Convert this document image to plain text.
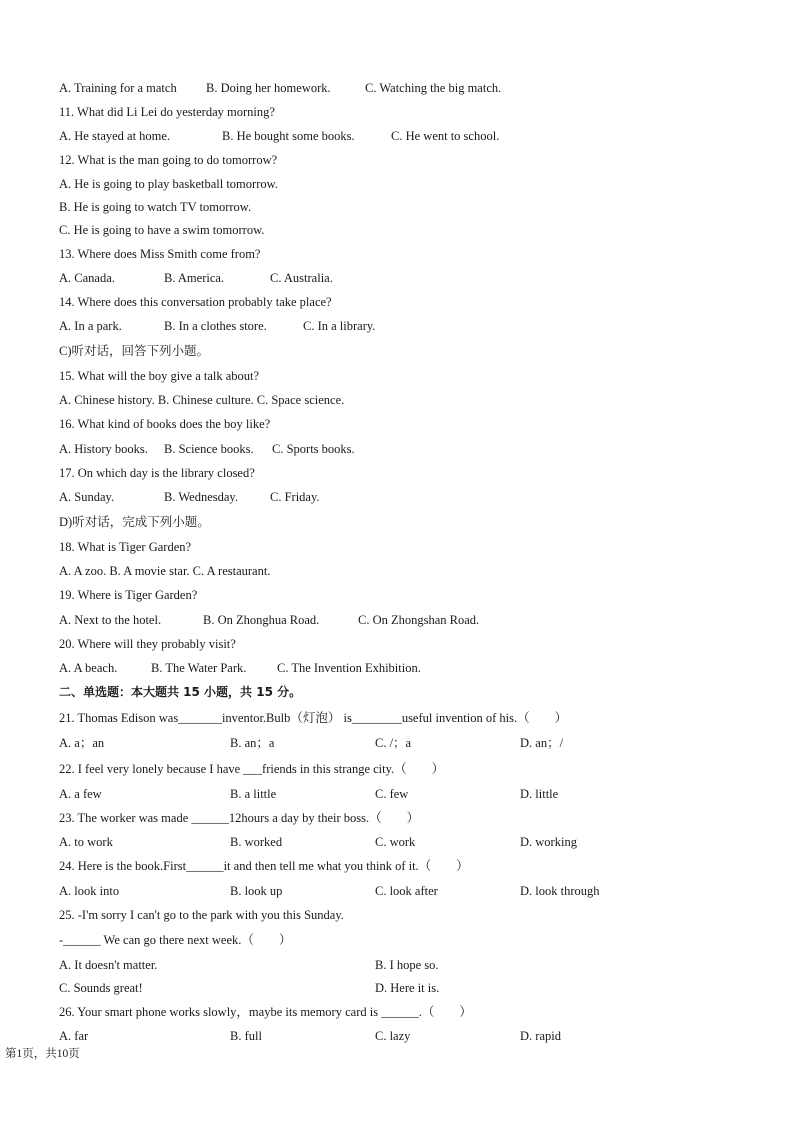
A. Training for a match B. Doing her homework.	C. Watching the big match.
11. What did Li Lei do yesterday morning?
A. He stayed at home.	B. He bought some books.	C. He went to school.
12. What is the man going to do tomorrow?
A. He is going to play basketball tomorrow.
B. He is going to watch TV tomorrow.
C. He is going to have a swim tomorrow.
13. Where does Miss Smith come from?
A. Canada.	B. America.	C. Australia.
14. Where does this conversation probably take place?
A. In a park.	B. In a clothes store.	C. In a library.
C)听对话，回答下列小题。
15. What will the boy give a talk about?
A. Chinese history. B. Chinese culture. C. Space science.
16. What kind of books does the boy like?
A. History books. B. Science books. C. Sports books.
17. On which day is the library closed?
A. Sunday.	B. Wednesday.	C. Friday.
D)听对话，完成下列小题。
18. What is Tiger Garden?
A. A zoo. B. A movie star. C. A restaurant.
19. Where is Tiger Garden?
A. Next to the hotel.	B. On Zhonghua Road.	C. On Zhongshan Road.
20. Where will they probably visit?
A. A beach.	B. The Water Park. C. The Invention Exhibition.
二、单选题：本大题共 15 小题，共 15 分。
21. Thomas Edison was_______inventor.Bulb（灯泡） is________useful invention of his.（　　）
A. a；an	B. an；a	C. /；a	D. an；/
22. I feel very lonely because I have ___friends in this strange city.（　　）
A. a few	B. a little	C. few	D. little
23. The worker was made ______12hours a day by their boss.（　　）
A. to work	B. worked	C. work	D. working
24. Here is the book.First______it and then tell me what you think of it.（　　）
A. look into	B. look up	C. look after	D. look through
25. -I'm sorry I can't go to the park with you this Sunday.
-______ We can go there next week.（　　）
A. It doesn't matter.	B. I hope so.
C. Sounds great!	D. Here it is.
26. Your smart phone works slowly，maybe its memory card is ______.（　　）
A. far	B. full	C. lazy	D. rapid
第1页，共10页
